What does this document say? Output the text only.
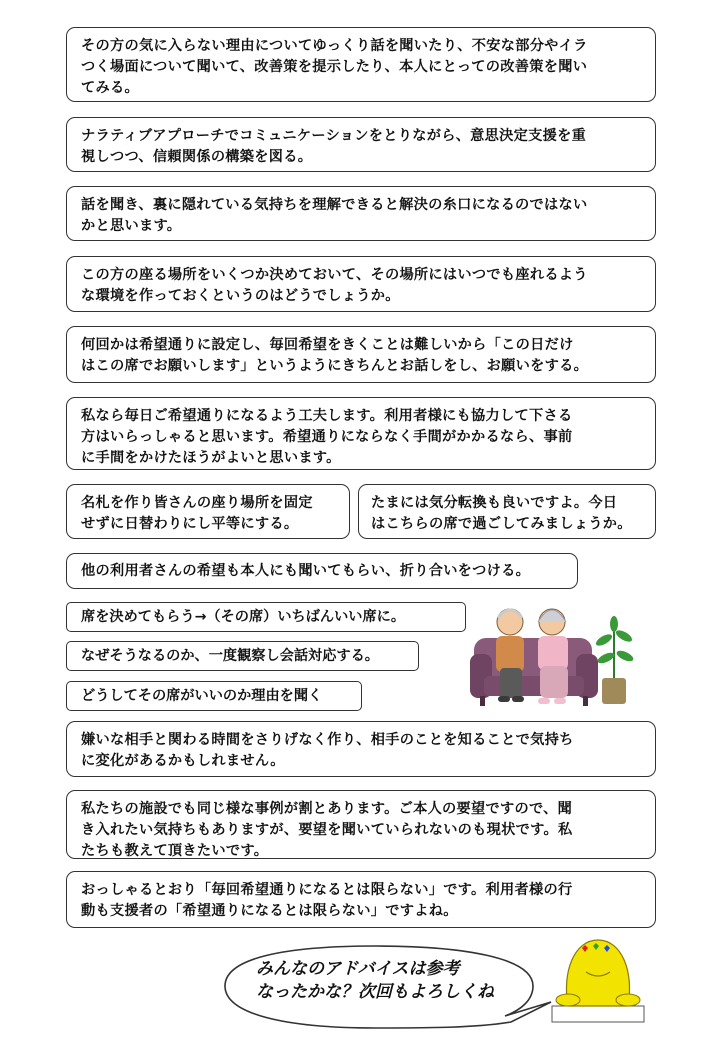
その方の気に入らない理由についてゆっくり話を聞いたり、不安な部分やイラ
つく場面について聞いて、改善策を提示したり、本人にとっての改善策を聞い
てみる。
ナラティブアプローチでコミュニケーションをとりながら、意思決定支援を重
視しつつ、信頼関係の構築を図る。
話を聞き、裏に隠れている気持ちを理解できると解決の糸口になるのではない
かと思います。
この方の座る場所をいくつか決めておいて、その場所にはいつでも座れるよう
な環境を作っておくというのはどうでしょうか。
何回かは希望通りに設定し、毎回希望をきくことは難しいから「この日だけ
はこの席でお願いします」というようにきちんとお話しをし、お願いをする。
私なら毎日ご希望通りになるよう工夫します。利用者様にも協力して下さる
方はいらっしゃると思います。希望通りにならなく手間がかかるなら、事前
に手間をかけたほうがよいと思います。
名札を作り皆さんの座り場所を固定
せずに日替わりにし平等にする。
たまには気分転換も良いですよ。今日
はこちらの席で過ごしてみましょうか。
他の利用者さんの希望も本人にも聞いてもらい、折り合いをつける。
席を決めてもらう→（その席）いちばんいい席に。
なぜそうなるのか、一度観察し会話対応する。
どうしてその席がいいのか理由を聞く
嫌いな相手と関わる時間をさりげなく作り、相手のことを知ることで気持ち
に変化があるかもしれません。
私たちの施設でも同じ様な事例が割とあります。ご本人の要望ですので、聞
き入れたい気持ちもありますが、要望を聞いていられないのも現状です。私
たちも教えて頂きたいです。
おっしゃるとおり「毎回希望通りになるとは限らない」です。利用者様の行
動も支援者の「希望通りになるとは限らない」ですよね。
みんなのアドバイスは参考
なったかな？次回もよろしくね
